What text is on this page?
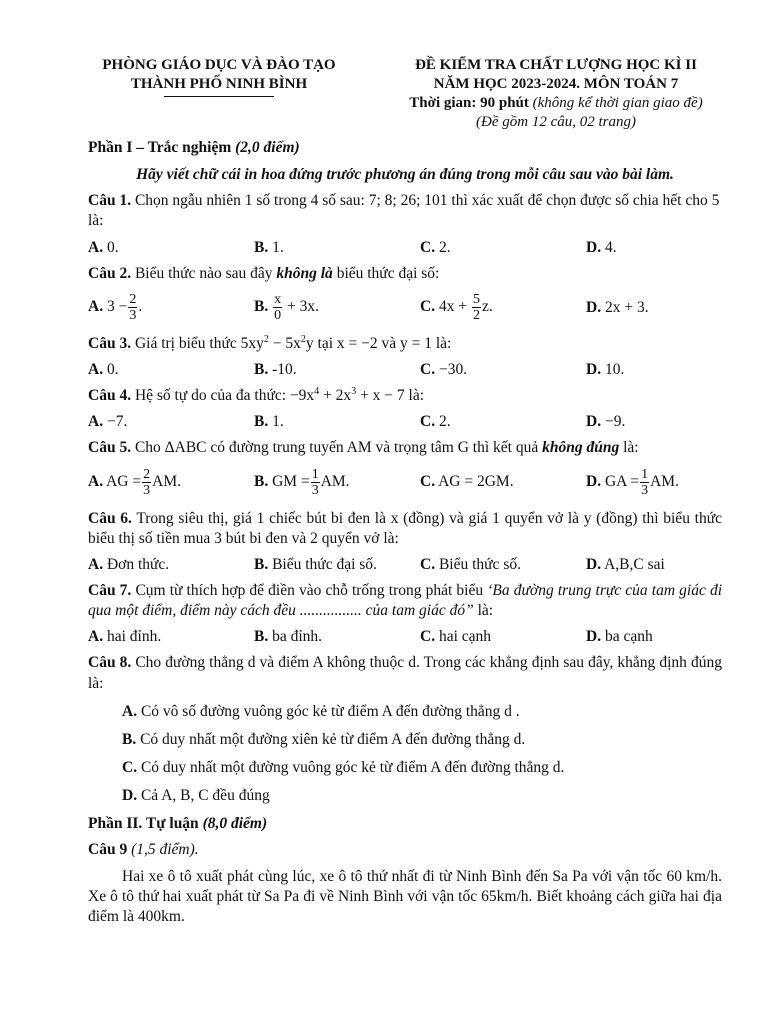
PHÒNG GIÁO DỤC VÀ ĐÀO TẠO
THÀNH PHỐ NINH BÌNH
ĐỀ KIỂM TRA CHẤT LƯỢNG HỌC KÌ II
NĂM HỌC 2023-2024. MÔN TOÁN 7
Thời gian: 90 phút (không kể thời gian giao đề)
(Đề gồm 12 câu, 02 trang)
Phần I – Trắc nghiệm (2,0 điểm)
Hãy viết chữ cái in hoa đứng trước phương án đúng trong mỗi câu sau vào bài làm.
Câu 1. Chọn ngẫu nhiên 1 số trong 4 số sau: 7; 8; 26; 101 thì xác xuất để chọn được số chia hết cho 5 là:
A. 0.	B. 1.	C. 2.	D. 4.
Câu 2. Biểu thức nào sau đây không là biểu thức đại số:
A. $3 - \frac{2}{3}$ .	B. $\frac{x}{0} + 3x$.	C. $4x + \frac{5}{2} z$.	D. 2x + 3.
Câu 3. Giá trị biểu thức $5xy^2 - 5x^2y$ tại x = −2 và y = 1 là:
A. 0.	B. -10.	C. −30.	D. 10.
Câu 4. Hệ số tự do của đa thức: $-9x^4 + 2x^3 + x - 7$ là:
A. −7.	B. 1.	C. 2.	D. −9.
Câu 5. Cho ΔABC có đường trung tuyến AM và trọng tâm G thì kết quả không đúng là:
A. AG = $\frac{2}{3}$ AM.	B. GM = $\frac{1}{3}$ AM.	C. AG = 2GM.	D. GA = $\frac{1}{3}$ AM.
Câu 6. Trong siêu thị, giá 1 chiếc bút bi đen là x (đồng) và giá 1 quyển vở là y (đồng) thì biểu thức biểu thị số tiền mua 3 bút bi đen và 2 quyển vở là:
A. Đơn thức.	B. Biểu thức đại số.	C. Biểu thức số.	D. A,B,C sai
Câu 7. Cụm từ thích hợp để điền vào chỗ trống trong phát biểu ‘Ba đường trung trực của tam giác đi qua một điểm, điểm này cách đều ................ của tam giác đó” là:
A. hai đỉnh.	B. ba đỉnh.	C. hai cạnh	D. ba cạnh
Câu 8. Cho đường thẳng d và điểm A không thuộc d. Trong các khẳng định sau đây, khẳng định đúng là:
A. Có vô số đường vuông góc kẻ từ điểm A đến đường thẳng d .
B. Có duy nhất một đường xiên kẻ từ điểm A đến đường thẳng d.
C. Có duy nhất một đường vuông góc kẻ từ điểm A đến đường thẳng d.
D. Cả A, B, C đều đúng
Phần II. Tự luận (8,0 điểm)
Câu 9 (1,5 điểm).
Hai xe ô tô xuất phát cùng lúc, xe ô tô thứ nhất đi từ Ninh Bình đến Sa Pa với vận tốc 60 km/h. Xe ô tô thứ hai xuất phát từ Sa Pa đi về Ninh Bình với vận tốc 65km/h. Biết khoảng cách giữa hai địa điểm là 400km.
